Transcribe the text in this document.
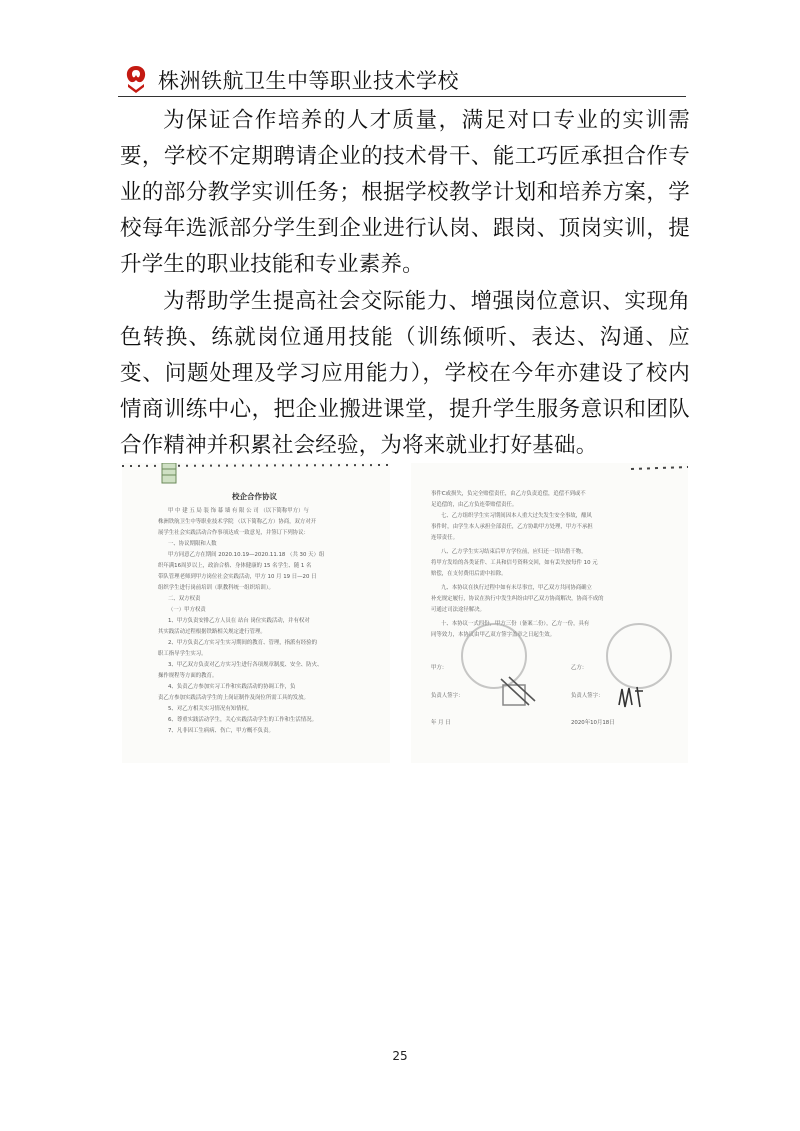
株洲铁航卫生中等职业技术学校

为保证合作培养的人才质量，满足对口专业的实训需要，学校不定期聘请企业的技术骨干、能工巧匠承担合作专业的部分教学实训任务；根据学校教学计划和培养方案，学校每年选派部分学生到企业进行认岗、跟岗、顶岗实训，提升学生的职业技能和专业素养。

为帮助学生提高社会交际能力、增强岗位意识、实现角色转换、练就岗位通用技能（训练倾听、表达、沟通、应变、问题处理及学习应用能力），学校在今年亦建设了校内情商训练中心，把企业搬进课堂，提升学生服务意识和团队合作精神并积累社会经验，为将来就业打好基础。

校企合作协议
甲 中 建 五 局 装 饰 幕 墙 有 限 公 司 （以下简称甲方）与
株洲铁航卫生中等职业技术学院 （以下简称乙方）协商，双方对开
展学生社会实践活动合作事项达成一致意见，并签订下列协议：
一、协议期限和人数
甲方同意乙方在期间 2020.10.19—2020.11.18 （共 30 天）组
织年满16周岁以上，政治合格、身体健康的 15 名学生、随 1 名
带队管理老师到甲方岗位社会实践活动，甲方 10 月 19 日—20 日
组织学生进行岗前培训（职教科统一组织培训）。
二、双方权责
（一）甲方权责
1、甲方负责安排乙方人员在 站台 岗位实践活动，并有权对
其实践活动过程根据铁路相关规定进行管理。
2、甲方负责乙方实习生实习期间的教育、管理，指派有经验的
职工指导学生实习。
3、甲乙双方负责对乙方实习生进行各项规章制度、安全、防火、
操作规程等方面的教育。
4、负责乙方参加实习工作和实践活动的协调工作，负
责乙方参加实践活动学生的上岗证制作及岗位所需工具的发放。
5、对乙方相关实习情况有知情权。
6、尊重实践活动学生，关心实践活动学生的工作和生活情况。
7、凡非因工生病病、伤亡，甲方概不负责。
事件C或损失，负完全赔偿责任，由乙方负责追偿，追偿不到或不
足追偿的，由乙方负连带赔偿责任。
七、乙方组织学生实习期间因本人重大过失发生安全事故，酿风
事件时，由学生本人承担全部责任，乙方协助甲方处理，甲方不承担
连带责任。
八、乙方学生实习结束后甲方学位前，应归还一切出借干物，
将甲方发给的各类证件、工具和信号资料交回，如有丢失按每件 10 元
赔偿，在支付费用后需中扣除。
九、本协议在执行过程中如有未尽事宜，甲乙双方共同协商确立
补充规定履行，协议在执行中发生纠纷由甲乙双方协商解决，协商不成的
可通过司法途径解决。
十、本协议一式四份，甲方三份（备案二份），乙方一份，具有
同等效力，本协议由甲乙双方签字盖章之日起生效。
甲方：	乙方：
负责人签字：	负责人签字：
年 月 日	2020年10月18日
25
